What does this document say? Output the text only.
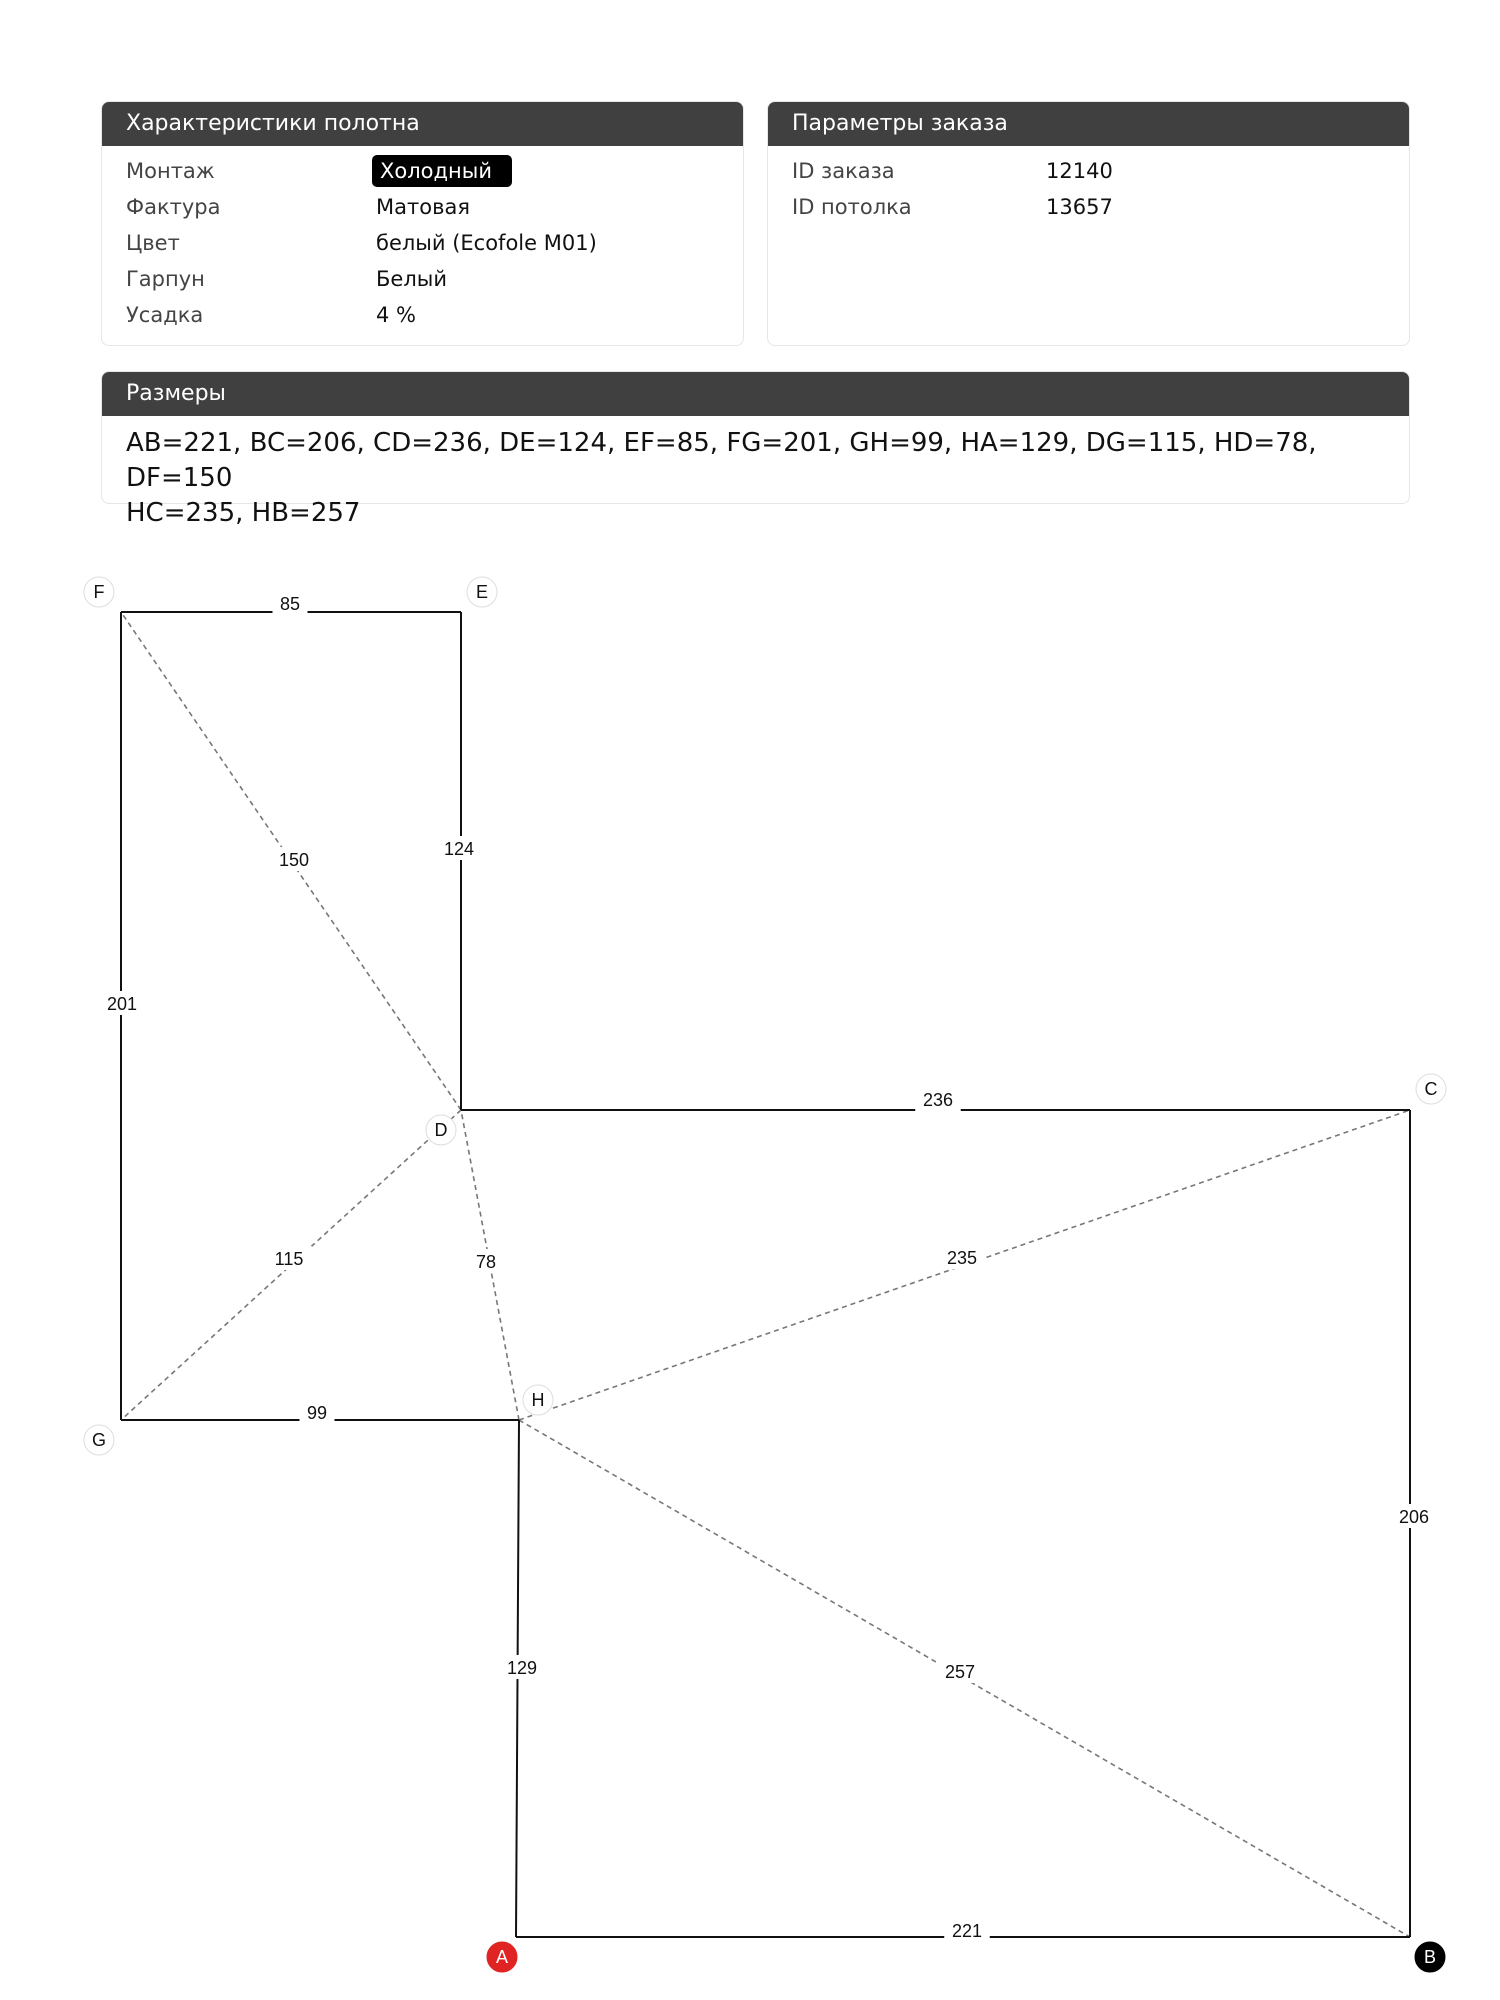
Характеристики полотна
Монтаж	Холодный
Фактура	Матовая
Цвет	белый (Ecofole M01)
Гарпун	Белый
Усадка	4 %
Параметры заказа
ID заказа	12140
ID потолка	13657
Размеры
AB=221, BC=206, CD=236, DE=124, EF=85, FG=201, GH=99, HA=129, DG=115, HD=78, DF=150
HC=235, HB=257
115	78
150
235
257
221
206
236
124
85
201
99
129
A	B
C
D
E
F
G
H
